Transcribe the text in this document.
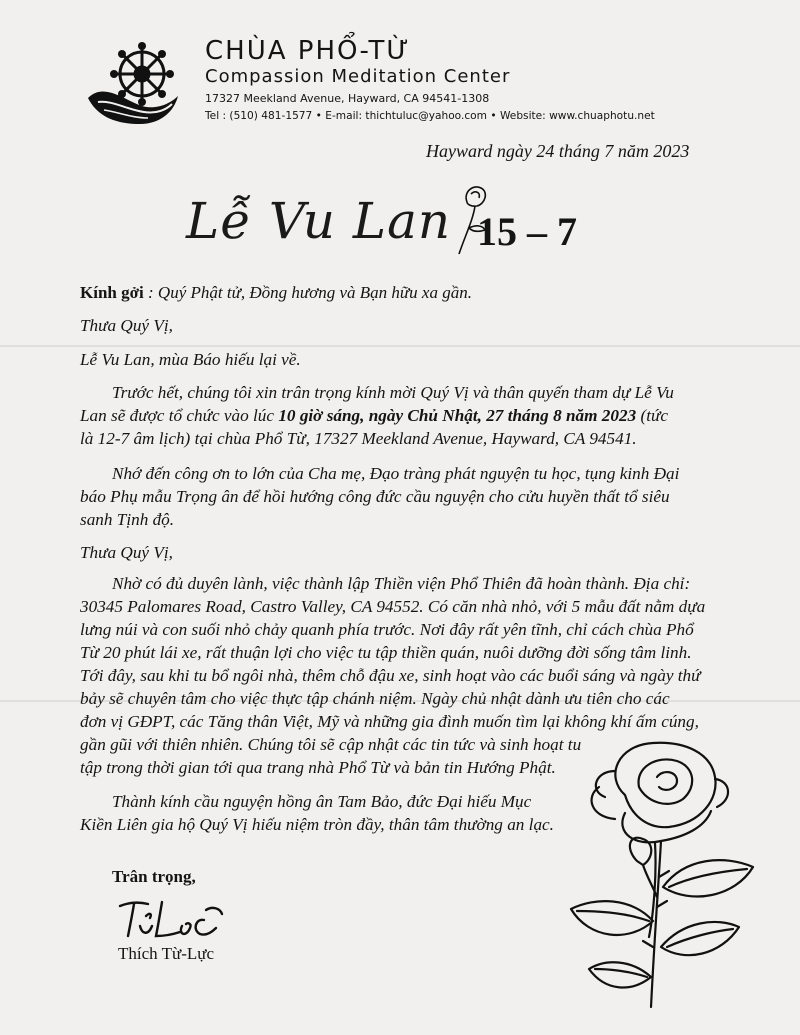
CHÙA PHỔ-TỪ
Compassion Meditation Center
17327 Meekland Avenue, Hayward, CA 94541-1308
Tel : (510) 481-1577 • E-mail: thichtuluc@yahoo.com • Website: www.chuaphotu.net
Hayward ngày 24 tháng 7 năm 2023
Lễ Vu Lan 15 – 7
Kính gởi : Quý Phật tử, Đồng hương và Bạn hữu xa gần.
Thưa Quý Vị,
Lễ Vu Lan, mùa Báo hiếu lại về.
Trước hết, chúng tôi xin trân trọng kính mời Quý Vị và thân quyến tham dự Lễ Vu
Lan sẽ được tổ chức vào lúc 10 giờ sáng, ngày Chủ Nhật, 27 tháng 8 năm 2023 (tức
là 12-7 âm lịch) tại chùa Phổ Từ, 17327 Meekland Avenue, Hayward, CA 94541.
Nhớ đến công ơn to lớn của Cha mẹ, Đạo tràng phát nguyện tu học, tụng kinh Đại
báo Phụ mẫu Trọng ân để hồi hướng công đức cầu nguyện cho cửu huyền thất tổ siêu
sanh Tịnh độ.
Thưa Quý Vị,
Nhờ có đủ duyên lành, việc thành lập Thiền viện Phổ Thiên đã hoàn thành. Địa chỉ:
30345 Palomares Road, Castro Valley, CA 94552. Có căn nhà nhỏ, với 5 mẫu đất nằm dựa
lưng núi và con suối nhỏ chảy quanh phía trước. Nơi đây rất yên tĩnh, chỉ cách chùa Phổ
Từ 20 phút lái xe, rất thuận lợi cho việc tu tập thiền quán, nuôi dưỡng đời sống tâm linh.
Tới đây, sau khi tu bổ ngôi nhà, thêm chỗ đậu xe, sinh hoạt vào các buổi sáng và ngày thứ
bảy sẽ chuyên tâm cho việc thực tập chánh niệm. Ngày chủ nhật dành ưu tiên cho các
đơn vị GĐPT, các Tăng thân Việt, Mỹ và những gia đình muốn tìm lại không khí ấm cúng,
gần gũi với thiên nhiên. Chúng tôi sẽ cập nhật các tin tức và sinh hoạt tu
tập trong thời gian tới qua trang nhà Phổ Từ và bản tin Hướng Phật.
Thành kính cầu nguyện hồng ân Tam Bảo, đức Đại hiếu Mục
Kiền Liên gia hộ Quý Vị hiếu niệm tròn đầy, thân tâm thường an lạc.
Trân trọng,
Thích Từ-Lực
